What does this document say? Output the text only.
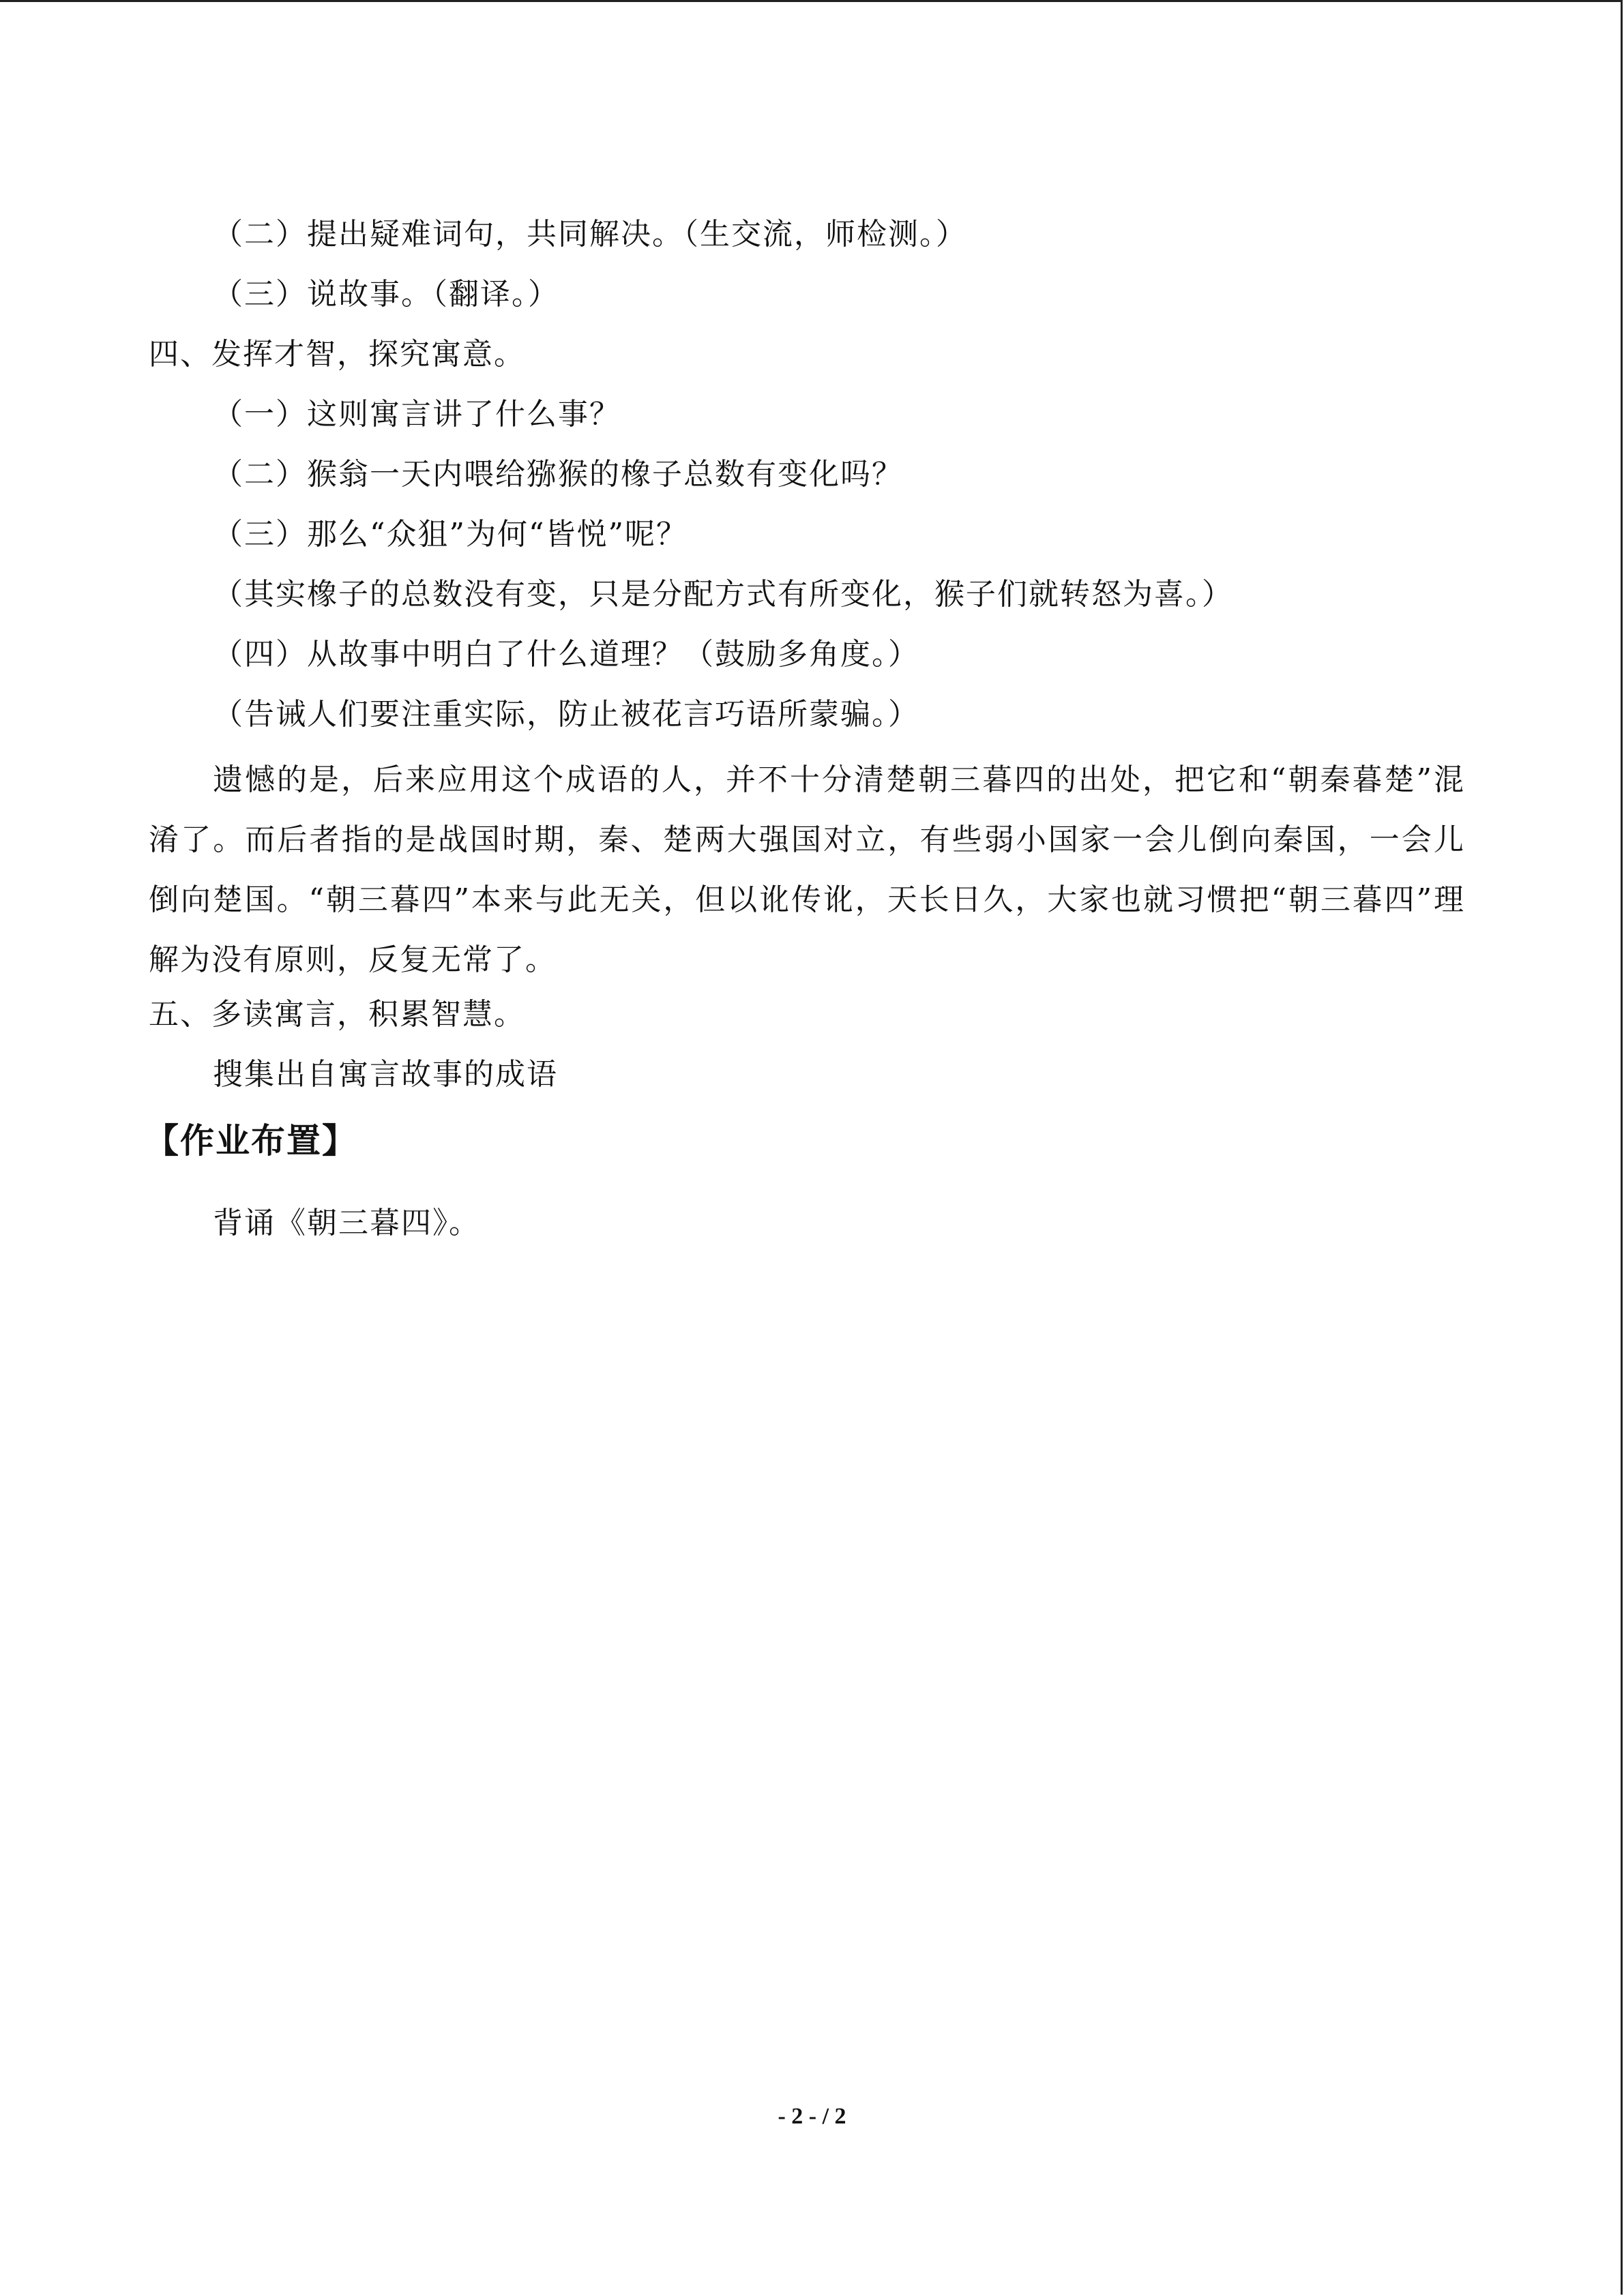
（二）提出疑难词句，共同解决。（生交流，师检测。）
（三）说故事。（翻译。）
四、发挥才智，探究寓意。
（一）这则寓言讲了什么事？
（二）猴翁一天内喂给猕猴的橡子总数有变化吗？
（三）那么“众狙”为何“皆悦”呢？
（其实橡子的总数没有变，只是分配方式有所变化，猴子们就转怒为喜。）
（四）从故事中明白了什么道理？（鼓励多角度。）
（告诫人们要注重实际，防止被花言巧语所蒙骗。）

遗憾的是，后来应用这个成语的人，并不十分清楚朝三暮四的出处，把它和“朝秦暮楚”混淆了。而后者指的是战国时期，秦、楚两大强国对立，有些弱小国家一会儿倒向秦国，一会儿倒向楚国。“朝三暮四”本来与此无关，但以讹传讹，天长日久，大家也就习惯把“朝三暮四”理解为没有原则，反复无常了。

五、多读寓言，积累智慧。
搜集出自寓言故事的成语
【作业布置】
背诵《朝三暮四》。
- 2 - / 2
